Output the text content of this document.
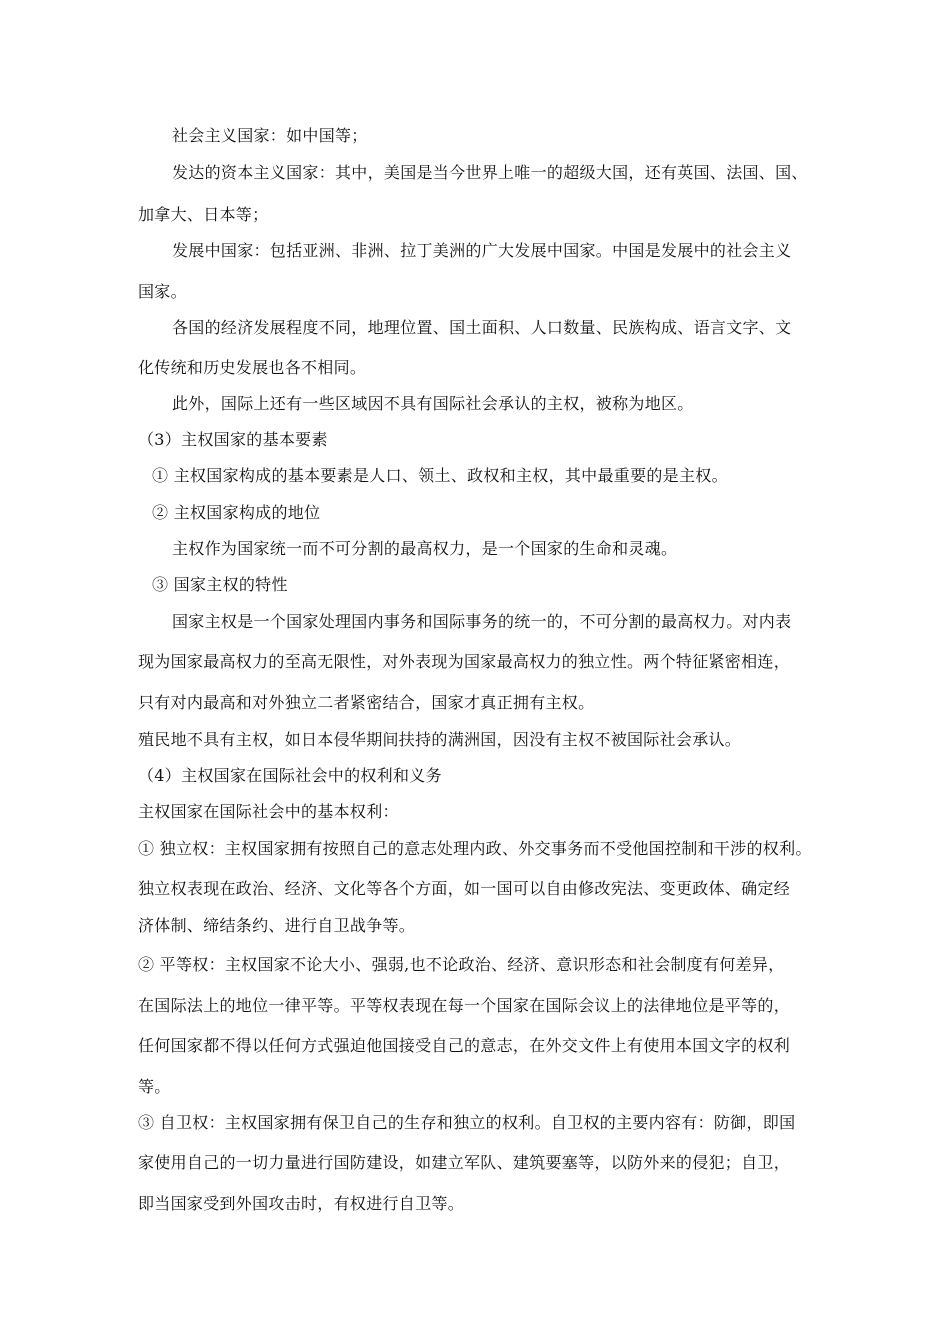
社会主义国家：如中国等；
发达的资本主义国家：其中，美国是当今世界上唯一的超级大国，还有英国、法国、国、
加拿大、日本等；
发展中国家：包括亚洲、非洲、拉丁美洲的广大发展中国家。中国是发展中的社会主义
国家。
各国的经济发展程度不同，地理位置、国土面积、人口数量、民族构成、语言文字、文
化传统和历史发展也各不相同。
此外，国际上还有一些区域因不具有国际社会承认的主权，被称为地区。
（3）主权国家的基本要素
① 主权国家构成的基本要素是人口、领土、政权和主权，其中最重要的是主权。
② 主权国家构成的地位
主权作为国家统一而不可分割的最高权力，是一个国家的生命和灵魂。
③ 国家主权的特性
国家主权是一个国家处理国内事务和国际事务的统一的，不可分割的最高权力。对内表
现为国家最高权力的至高无限性，对外表现为国家最高权力的独立性。两个特征紧密相连，
只有对内最高和对外独立二者紧密结合，国家才真正拥有主权。
殖民地不具有主权，如日本侵华期间扶持的满洲国，因没有主权不被国际社会承认。
（4）主权国家在国际社会中的权利和义务
主权国家在国际社会中的基本权利：
① 独立权：主权国家拥有按照自己的意志处理内政、外交事务而不受他国控制和干涉的权利。
独立权表现在政治、经济、文化等各个方面，如一国可以自由修改宪法、变更政体、确定经
济体制、缔结条约、进行自卫战争等。
② 平等权：主权国家不论大小、强弱,也不论政治、经济、意识形态和社会制度有何差异，
在国际法上的地位一律平等。平等权表现在每一个国家在国际会议上的法律地位是平等的，
任何国家都不得以任何方式强迫他国接受自己的意志，在外交文件上有使用本国文字的权利
等。
③ 自卫权：主权国家拥有保卫自己的生存和独立的权利。自卫权的主要内容有：防御，即国
家使用自己的一切力量进行国防建设，如建立军队、建筑要塞等，以防外来的侵犯；自卫，
即当国家受到外国攻击时，有权进行自卫等。
